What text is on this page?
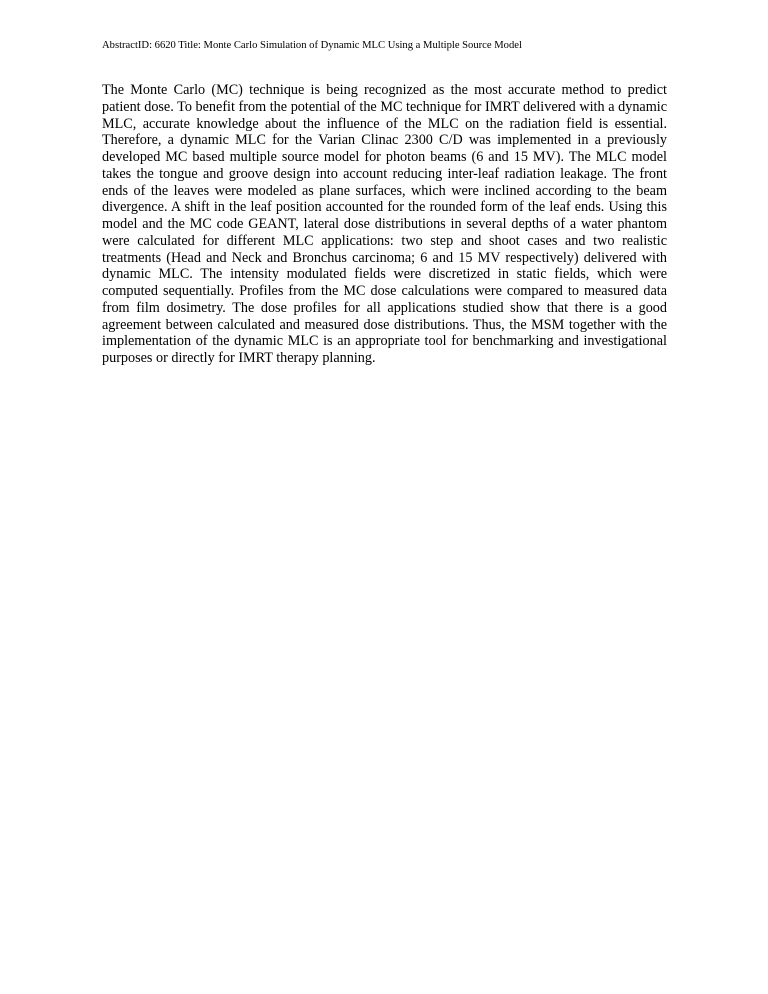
AbstractID: 6620 Title: Monte Carlo Simulation of Dynamic MLC Using a Multiple Source Model

The Monte Carlo (MC) technique is being recognized as the most accurate method to predict patient dose. To benefit from the potential of the MC technique for IMRT delivered with a dynamic MLC, accurate knowledge about the influence of the MLC on the radiation field is essential. Therefore, a dynamic MLC for the Varian Clinac 2300 C/D was implemented in a previously developed MC based multiple source model for photon beams (6 and 15 MV). The MLC model takes the tongue and groove design into account reducing inter-leaf radiation leakage. The front ends of the leaves were modeled as plane surfaces, which were inclined according to the beam divergence. A shift in the leaf position accounted for the rounded form of the leaf ends. Using this model and the MC code GEANT, lateral dose distributions in several depths of a water phantom were calculated for different MLC applications: two step and shoot cases and two realistic treatments (Head and Neck and Bronchus carcinoma; 6 and 15 MV respectively) delivered with dynamic MLC. The intensity modulated fields were discretized in static fields, which were computed sequentially. Profiles from the MC dose calculations were compared to measured data from film dosimetry. The dose profiles for all applications studied show that there is a good agreement between calculated and measured dose distributions. Thus, the MSM together with the implementation of the dynamic MLC is an appropriate tool for benchmarking and investigational purposes or directly for IMRT therapy planning.
